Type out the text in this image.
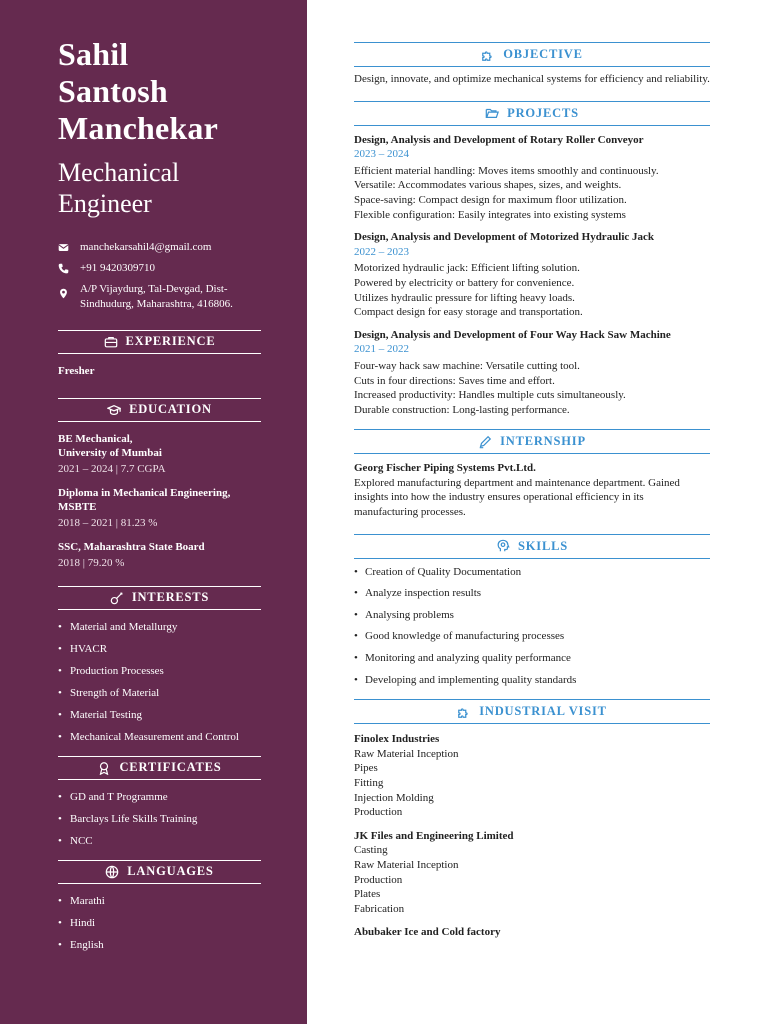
Sahil
Santosh
Manchekar
Mechanical
Engineer
manchekarsahil4@gmail.com
+91 9420309710
A/P Vijaydurg, Tal-Devgad, Dist-Sindhudurg, Maharashtra, 416806.
EXPERIENCE
Fresher
EDUCATION
BE Mechanical,
University of Mumbai
2021 – 2024 | 7.7 CGPA
Diploma in Mechanical Engineering, MSBTE
2018 – 2021 | 81.23 %
SSC, Maharashtra State Board
2018 | 79.20 %
INTERESTS
• Material and Metallurgy
• HVACR
• Production Processes
• Strength of Material
• Material Testing
• Mechanical Measurement and Control
CERTIFICATES
• GD and T Programme
• Barclays Life Skills Training
• NCC
LANGUAGES
• Marathi
• Hindi
• English
OBJECTIVE
Design, innovate, and optimize mechanical systems for efficiency and reliability.
PROJECTS
Design, Analysis and Development of Rotary Roller Conveyor
2023 – 2024
Efficient material handling: Moves items smoothly and continuously.
Versatile: Accommodates various shapes, sizes, and weights.
Space-saving: Compact design for maximum floor utilization.
Flexible configuration: Easily integrates into existing systems
Design, Analysis and Development of Motorized Hydraulic Jack
2022 – 2023
Motorized hydraulic jack: Efficient lifting solution.
Powered by electricity or battery for convenience.
Utilizes hydraulic pressure for lifting heavy loads.
Compact design for easy storage and transportation.
Design, Analysis and Development of Four Way Hack Saw Machine
2021 – 2022
Four-way hack saw machine: Versatile cutting tool.
Cuts in four directions: Saves time and effort.
Increased productivity: Handles multiple cuts simultaneously.
Durable construction: Long-lasting performance.
INTERNSHIP
Georg Fischer Piping Systems Pvt.Ltd.
Explored manufacturing department and maintenance department. Gained insights into how the industry ensures operational efficiency in its manufacturing processes.
SKILLS
• Creation of Quality Documentation
• Analyze inspection results
• Analysing problems
• Good knowledge of manufacturing processes
• Monitoring and analyzing quality performance
• Developing and implementing quality standards
INDUSTRIAL VISIT
Finolex Industries
Raw Material Inception
Pipes
Fitting
Injection Molding
Production
JK Files and Engineering Limited
Casting
Raw Material Inception
Production
Plates
Fabrication
Abubaker Ice and Cold factory
